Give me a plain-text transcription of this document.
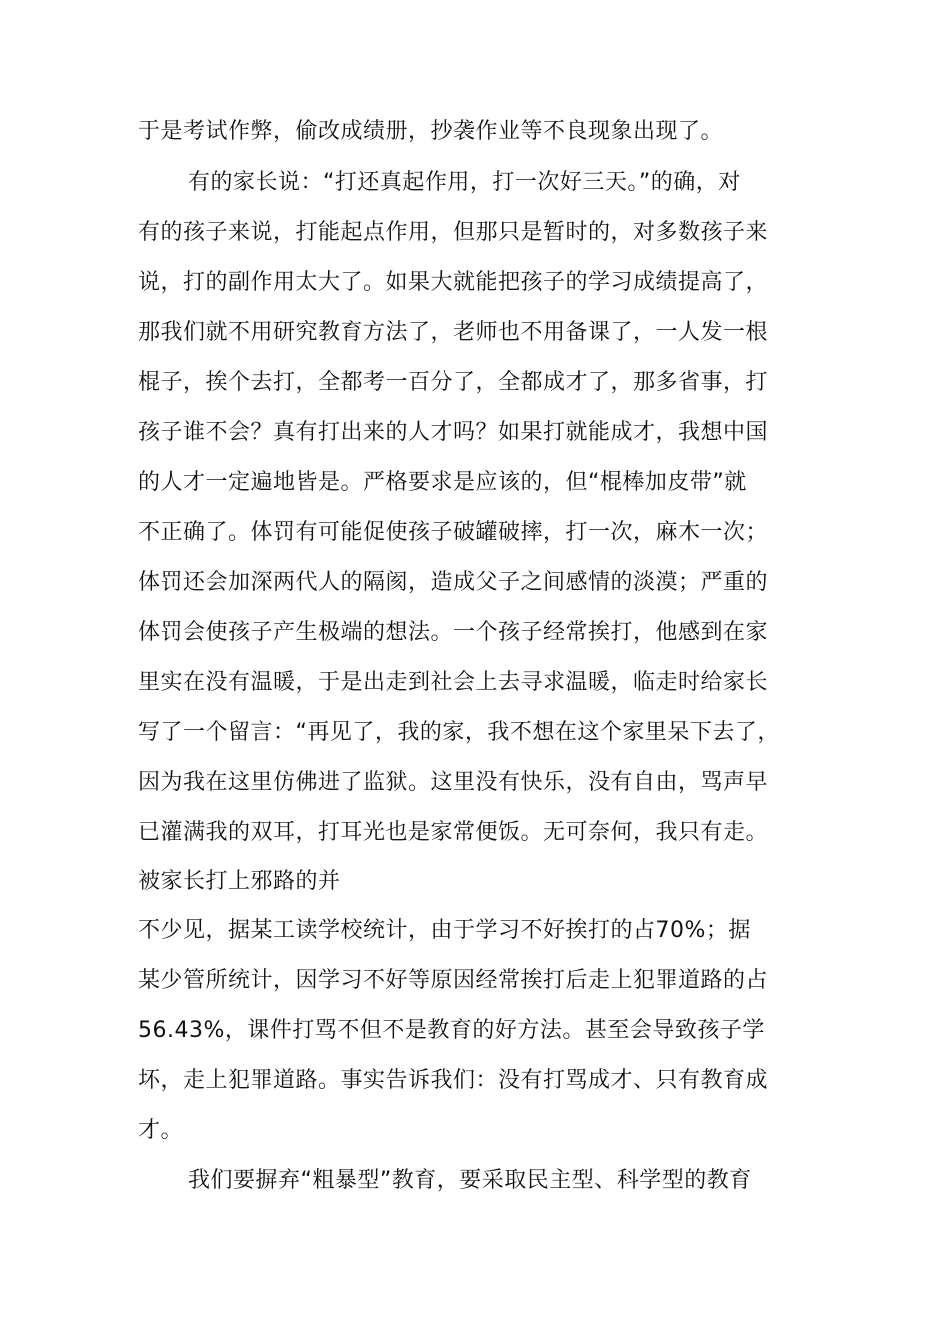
于是考试作弊，偷改成绩册，抄袭作业等不良现象出现了。
有的家长说：“打还真起作用，打一次好三天。”的确，对
有的孩子来说，打能起点作用，但那只是暂时的，对多数孩子来
说，打的副作用太大了。如果大就能把孩子的学习成绩提高了，
那我们就不用研究教育方法了，老师也不用备课了，一人发一根
棍子，挨个去打，全都考一百分了，全都成才了，那多省事，打
孩子谁不会？真有打出来的人才吗？如果打就能成才，我想中国
的人才一定遍地皆是。严格要求是应该的，但“棍棒加皮带”就
不正确了。体罚有可能促使孩子破罐破摔，打一次，麻木一次；
体罚还会加深两代人的隔阂，造成父子之间感情的淡漠；严重的
体罚会使孩子产生极端的想法。一个孩子经常挨打，他感到在家
里实在没有温暖，于是出走到社会上去寻求温暖，临走时给家长
写了一个留言：“再见了，我的家，我不想在这个家里呆下去了，
因为我在这里仿佛进了监狱。这里没有快乐，没有自由，骂声早
已灌满我的双耳，打耳光也是家常便饭。无可奈何，我只有走。
被家长打上邪路的并
不少见，据某工读学校统计，由于学习不好挨打的占70%；据
某少管所统计，因学习不好等原因经常挨打后走上犯罪道路的占
56.43%，课件打骂不但不是教育的好方法。甚至会导致孩子学
坏，走上犯罪道路。事实告诉我们：没有打骂成才、只有教育成
才。
我们要摒弃“粗暴型”教育，要采取民主型、科学型的教育
